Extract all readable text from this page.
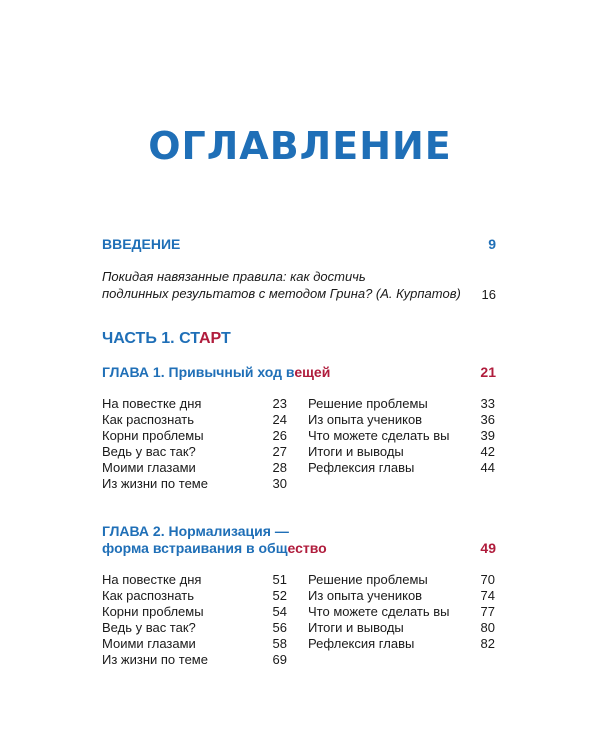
ОГЛАВЛЕНИЕ
ВВЕДЕНИЕ	9
Покидая навязанные правила: как достичь
подлинных результатов с методом Грина? (А. Курпатов)	16
ЧАСТЬ 1. СТАРТ
ГЛАВА 1. Привычный ход вещей	21
На повестке дня	23
Как распознать	24
Корни проблемы	26
Ведь у вас так?	27
Моими глазами	28
Из жизни по теме	30
Решение проблемы	33
Из опыта учеников	36
Что можете сделать вы 39
Итоги и выводы	42
Рефлексия главы	44
ГЛАВА 2. Нормализация —
форма встраивания в общество	49
На повестке дня	51
Как распознать	52
Корни проблемы	54
Ведь у вас так?	56
Моими глазами	58
Из жизни по теме	69
Решение проблемы	70
Из опыта учеников	74
Что можете сделать вы 77
Итоги и выводы	80
Рефлексия главы	82
